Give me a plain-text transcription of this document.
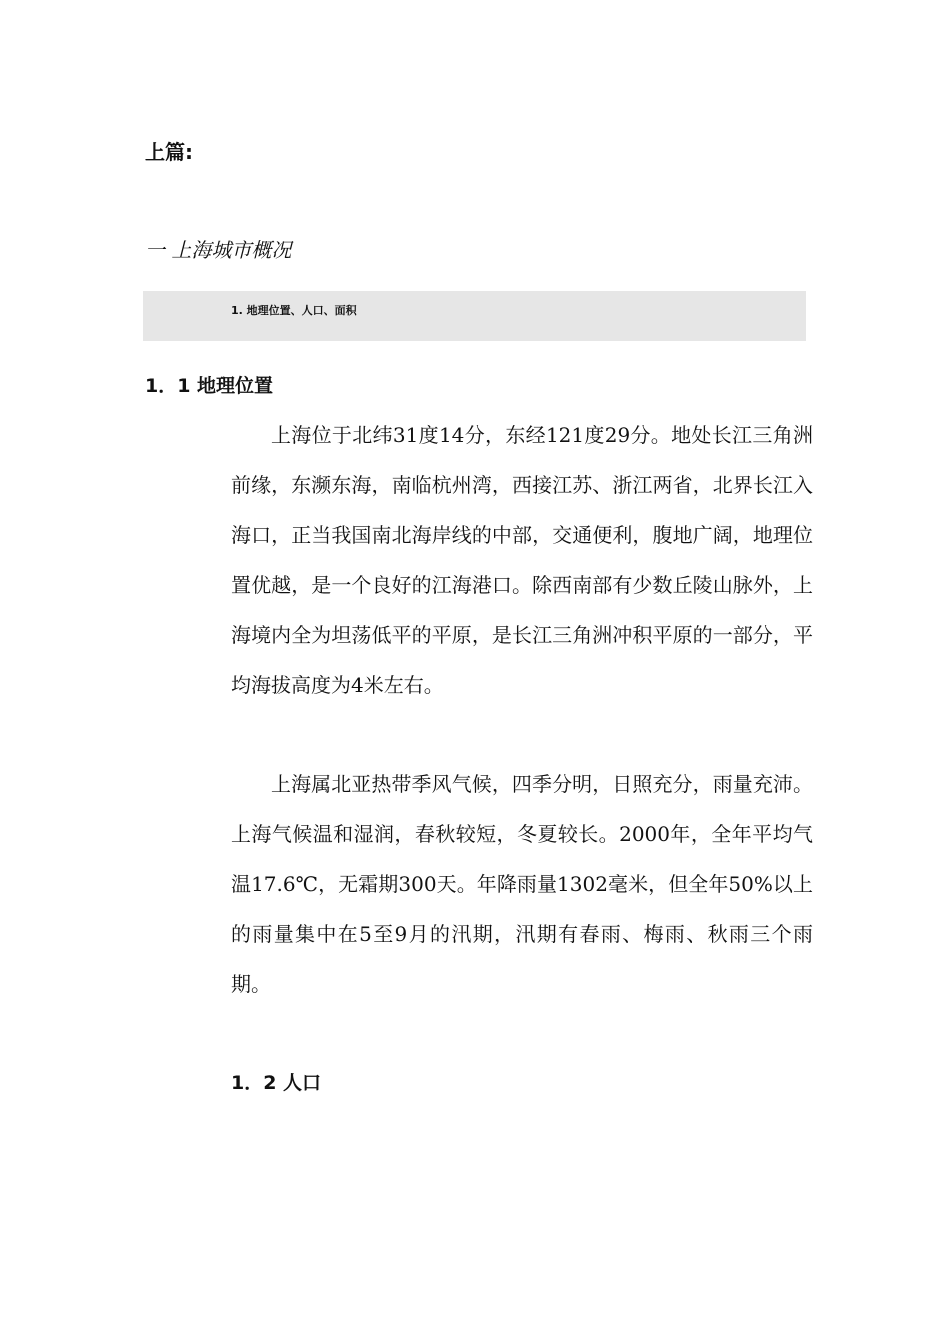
上篇:
一 上海城市概况
1. 地理位置、人口、面积
1．1 地理位置

上海位于北纬31度14分，东经121度29分。地处长江三角洲前缘，东濒东海，南临杭州湾，西接江苏、浙江两省，北界长江入海口，正当我国南北海岸线的中部，交通便利，腹地广阔，地理位置优越，是一个良好的江海港口。除西南部有少数丘陵山脉外，上海境内全为坦荡低平的平原，是长江三角洲冲积平原的一部分，平均海拔高度为4米左右。

上海属北亚热带季风气候，四季分明，日照充分，雨量充沛。上海气候温和湿润，春秋较短，冬夏较长。2000年，全年平均气温17.6℃，无霜期300天。年降雨量1302毫米，但全年50%以上的雨量集中在5至9月的汛期，汛期有春雨、梅雨、秋雨三个雨期。

1．2 人口
